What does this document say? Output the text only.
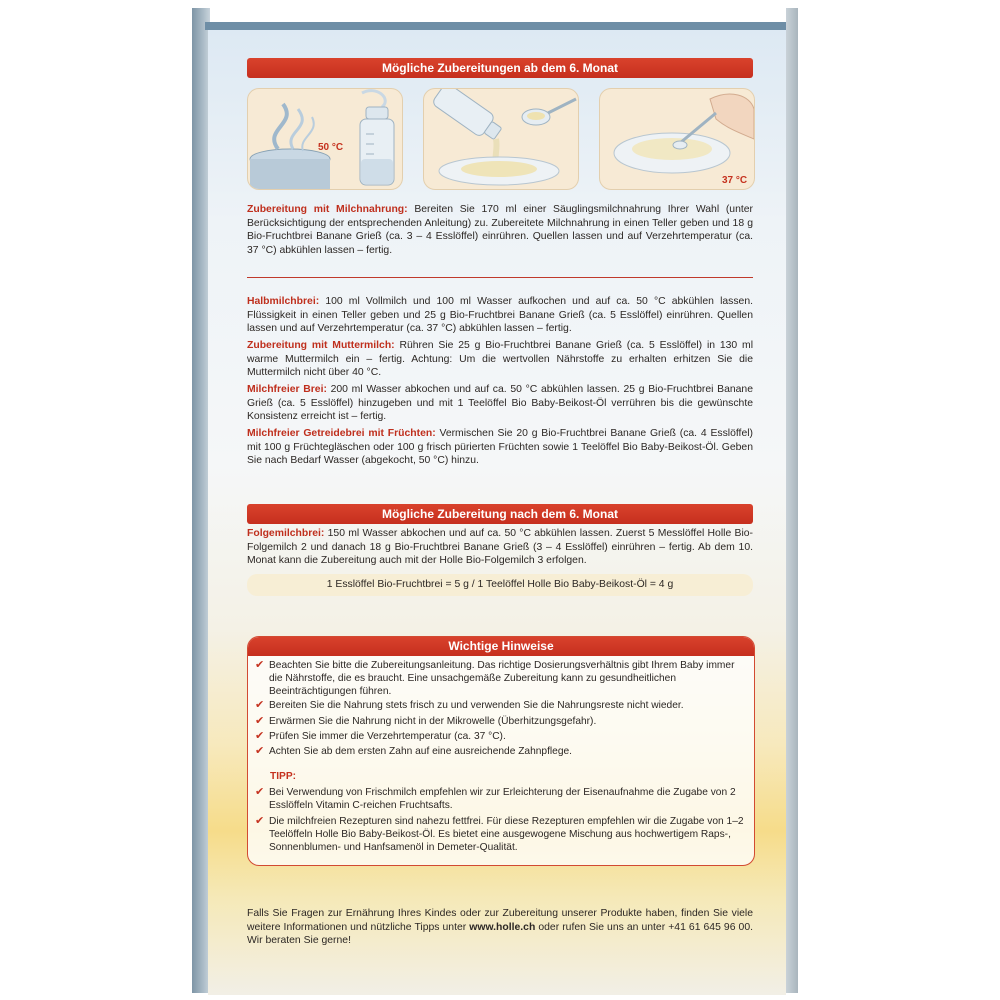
Mögliche Zubereitungen ab dem 6. Monat
50 °C
37 °C
Zubereitung mit Milchnahrung: Bereiten Sie 170 ml einer Säuglingsmilchnahrung Ihrer Wahl (unter Berücksichtigung der entsprechenden Anleitung) zu. Zubereitete Milchnahrung in einen Teller geben und 18 g Bio-Fruchtbrei Banane Grieß (ca. 3 – 4 Esslöffel) einrühren. Quellen lassen und auf Verzehrtemperatur (ca. 37 °C) abkühlen lassen – fertig.
Halbmilchbrei: 100 ml Vollmilch und 100 ml Wasser aufkochen und auf ca. 50 °C abkühlen lassen. Flüssigkeit in einen Teller geben und 25 g Bio-Fruchtbrei Banane Grieß (ca. 5 Esslöffel) einrühren. Quellen lassen und auf Verzehrtemperatur (ca. 37 °C) abkühlen lassen – fertig.
Zubereitung mit Muttermilch: Rühren Sie 25 g Bio-Fruchtbrei Banane Grieß (ca. 5 Esslöffel) in 130 ml warme Muttermilch ein – fertig. Achtung: Um die wertvollen Nährstoffe zu erhalten erhitzen Sie die Muttermilch nicht über 40 °C.
Milchfreier Brei: 200 ml Wasser abkochen und auf ca. 50 °C abkühlen lassen. 25 g Bio-Fruchtbrei Banane Grieß (ca. 5 Esslöffel) hinzugeben und mit 1 Teelöffel Bio Baby-Beikost-Öl verrühren bis die gewünschte Konsistenz erreicht ist – fertig.
Milchfreier Getreidebrei mit Früchten: Vermischen Sie 20 g Bio-Fruchtbrei Banane Grieß (ca. 4 Esslöffel) mit 100 g Früchtegläschen oder 100 g frisch pürierten Früchten sowie 1 Teelöffel Bio Baby-Beikost-Öl. Geben Sie nach Bedarf Wasser (abgekocht, 50 °C) hinzu.
Mögliche Zubereitung nach dem 6. Monat
Folgemilchbrei: 150 ml Wasser abkochen und auf ca. 50 °C abkühlen lassen. Zuerst 5 Messlöffel Holle Bio-Folgemilch 2 und danach 18 g Bio-Fruchtbrei Banane Grieß (3 – 4 Esslöffel) einrühren – fertig. Ab dem 10. Monat kann die Zubereitung auch mit der Holle Bio-Folgemilch 3 erfolgen.
1 Esslöffel Bio-Fruchtbrei = 5 g / 1 Teelöffel Holle Bio Baby-Beikost-Öl = 4 g
Wichtige Hinweise
✔ Beachten Sie bitte die Zubereitungsanleitung. Das richtige Dosierungsverhältnis gibt Ihrem Baby immer die Nährstoffe, die es braucht. Eine unsachgemäße Zubereitung kann zu gesundheitlichen Beeinträchtigungen führen.
✔ Bereiten Sie die Nahrung stets frisch zu und verwenden Sie die Nahrungsreste nicht wieder.
✔ Erwärmen Sie die Nahrung nicht in der Mikrowelle (Überhitzungsgefahr).
✔ Prüfen Sie immer die Verzehrtemperatur (ca. 37 °C).
✔ Achten Sie ab dem ersten Zahn auf eine ausreichende Zahnpflege.
TIPP:
✔ Bei Verwendung von Frischmilch empfehlen wir zur Erleichterung der Eisenaufnahme die Zugabe von 2 Esslöffeln Vitamin C-reichen Fruchtsafts.
✔ Die milchfreien Rezepturen sind nahezu fettfrei. Für diese Rezepturen empfehlen wir die Zugabe von 1–2 Teelöffeln Holle Bio Baby-Beikost-Öl. Es bietet eine ausgewogene Mischung aus hochwertigem Raps-, Sonnenblumen- und Hanfsamenöl in Demeter-Qualität.
Falls Sie Fragen zur Ernährung Ihres Kindes oder zur Zubereitung unserer Produkte haben, finden Sie viele weitere Informationen und nützliche Tipps unter www.holle.ch oder rufen Sie uns an unter +41 61 645 96 00. Wir beraten Sie gerne!
